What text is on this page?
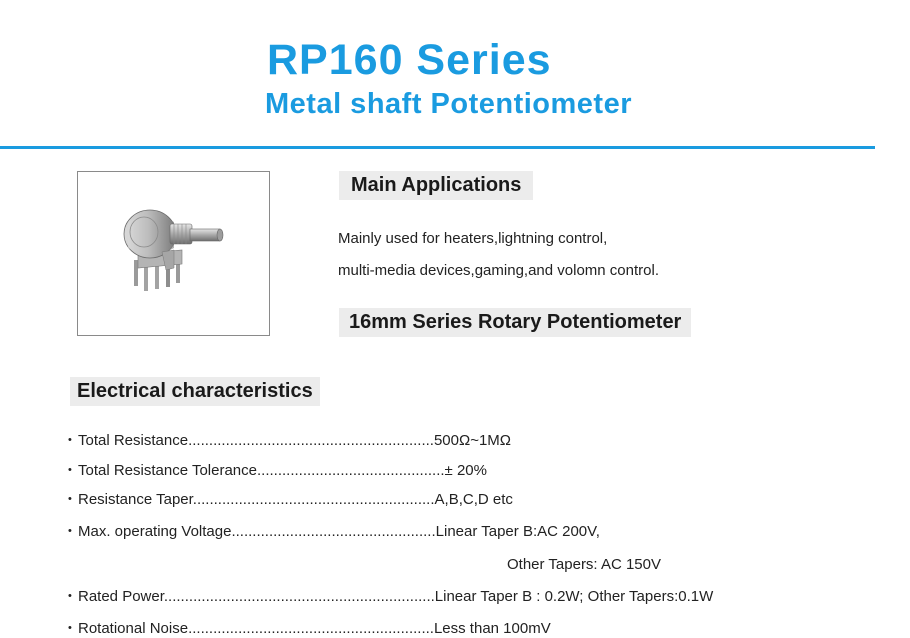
RP160 Series
Metal shaft Potentiometer
Main Applications
Mainly used for heaters,lightning control,
multi-media devices,gaming,and volomn control.
16mm Series Rotary Potentiometer
Electrical characteristics
• Total Resistance...........................................................500Ω~1MΩ
• Total Resistance Tolerance.............................................± 20%
• Resistance Taper..........................................................A,B,C,D etc
• Max. operating Voltage.................................................Linear Taper B:AC 200V,
Other Tapers: AC 150V
• Rated Power.................................................................Linear Taper B : 0.2W; Other Tapers:0.1W
• Rotational Noise...........................................................Less than 100mV
